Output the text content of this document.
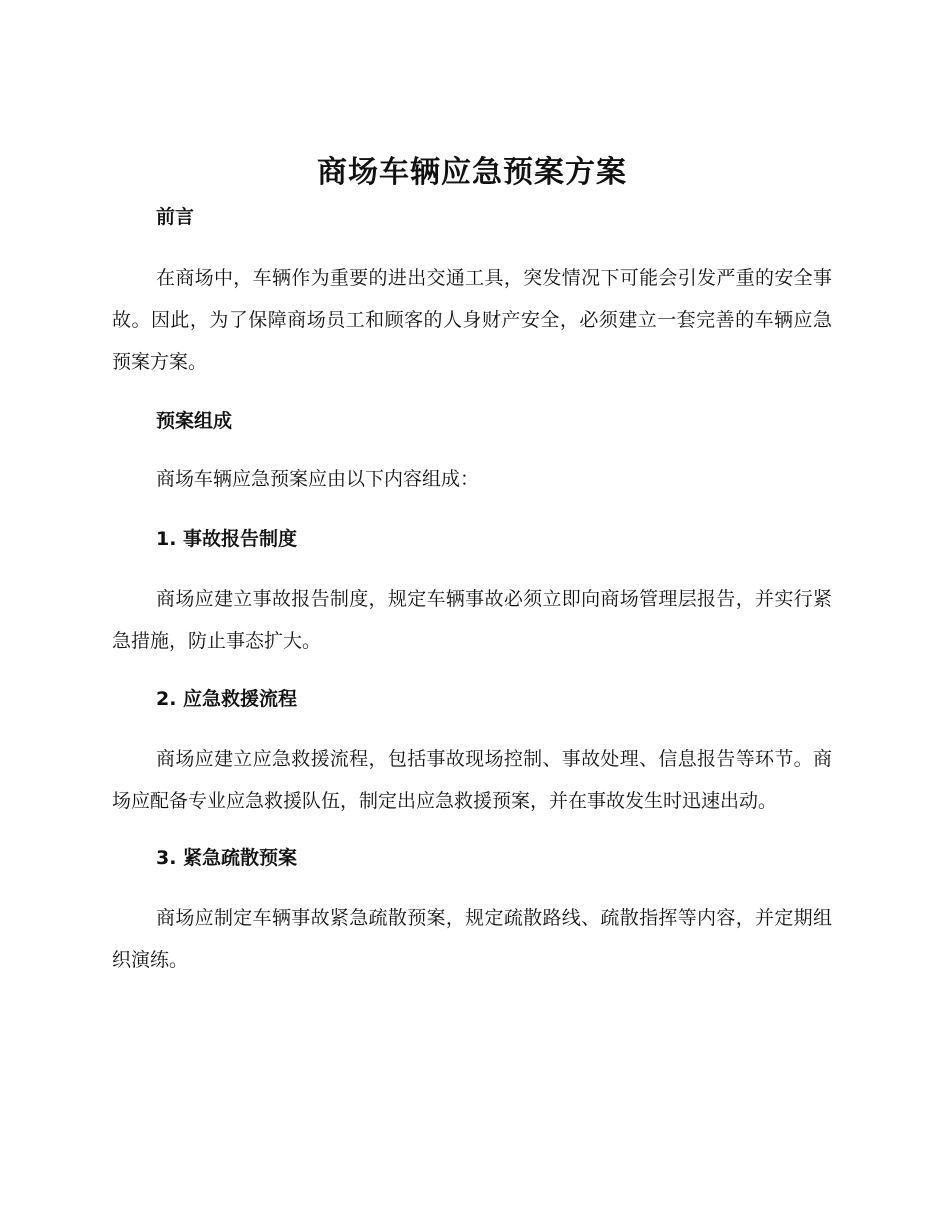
商场车辆应急预案方案
前言

在商场中，车辆作为重要的进出交通工具，突发情况下可能会引发严重的安全事故。因此，为了保障商场员工和顾客的人身财产安全，必须建立一套完善的车辆应急预案方案。

预案组成

商场车辆应急预案应由以下内容组成：

1. 事故报告制度

商场应建立事故报告制度，规定车辆事故必须立即向商场管理层报告，并实行紧急措施，防止事态扩大。

2. 应急救援流程

商场应建立应急救援流程，包括事故现场控制、事故处理、信息报告等环节。商场应配备专业应急救援队伍，制定出应急救援预案，并在事故发生时迅速出动。

3. 紧急疏散预案

商场应制定车辆事故紧急疏散预案，规定疏散路线、疏散指挥等内容，并定期组织演练。
